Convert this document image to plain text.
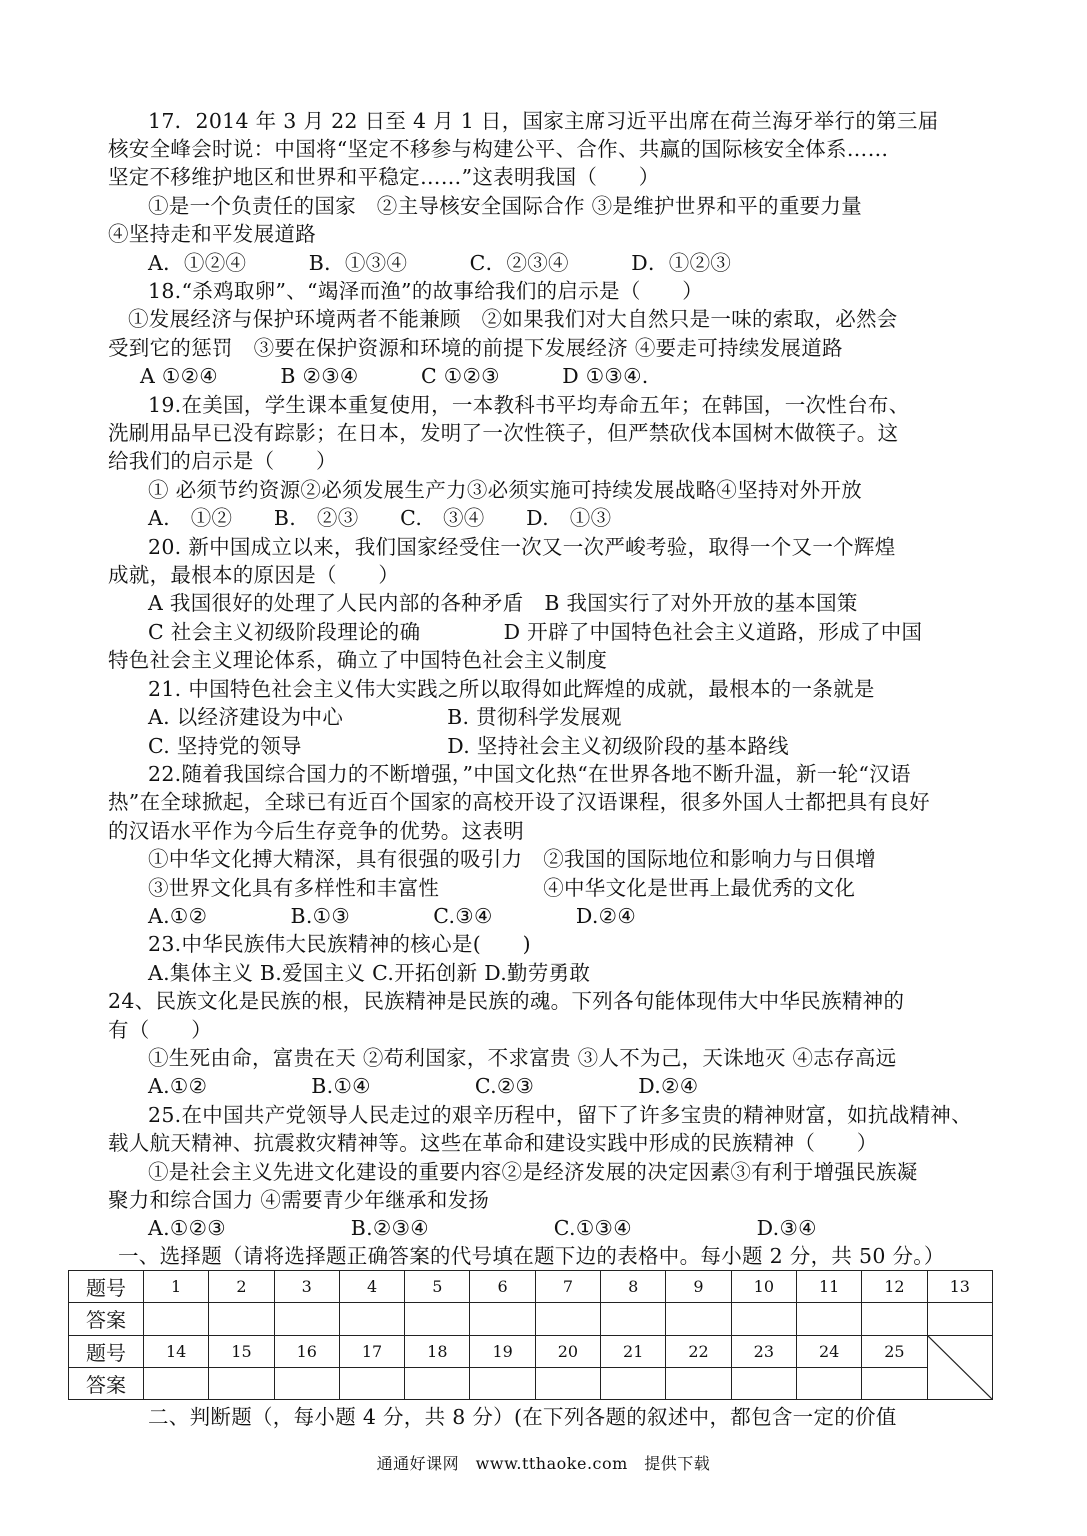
17．2014 年 3 月 22 日至 4 月 1 日，国家主席习近平出席在荷兰海牙举行的第三届
核安全峰会时说：中国将“坚定不移参与构建公平、合作、共赢的国际核安全体系……
坚定不移维护地区和世界和平稳定……”这表明我国（　　）
①是一个负责任的国家　②主导核安全国际合作 ③是维护世界和平的重要力量
④坚持走和平发展道路
A．①②④　　　B．①③④　　　C．②③④　　　D．①②③
18.“杀鸡取卵”、“竭泽而渔”的故事给我们的启示是（　　）
①发展经济与保护环境两者不能兼顾　②如果我们对大自然只是一味的索取，必然会
受到它的惩罚　③要在保护资源和环境的前提下发展经济 ④要走可持续发展道路
A ①②④　　　B ②③④　　　C ①②③　　　D ①③④.
19.在美国，学生课本重复使用，一本教科书平均寿命五年；在韩国，一次性台布、
洗刷用品早已没有踪影；在日本，发明了一次性筷子，但严禁砍伐本国树木做筷子。这
给我们的启示是（　　）
① 必须节约资源②必须发展生产力③必须实施可持续发展战略④坚持对外开放
A.　①②　　B.　②③　　C.　③④　　D.　①③
20. 新中国成立以来，我们国家经受住一次又一次严峻考验，取得一个又一个辉煌
成就，最根本的原因是（　　）
A 我国很好的处理了人民内部的各种矛盾　B 我国实行了对外开放的基本国策
C 社会主义初级阶段理论的确　　　　D 开辟了中国特色社会主义道路，形成了中国
特色社会主义理论体系，确立了中国特色社会主义制度
21. 中国特色社会主义伟大实践之所以取得如此辉煌的成就，最根本的一条就是
A. 以经济建设为中心　　　　　B. 贯彻科学发展观
C. 坚持党的领导　　　　　　　D. 坚持社会主义初级阶段的基本路线
22.随着我国综合国力的不断增强，”中国文化热“在世界各地不断升温，新一轮“汉语
热”在全球掀起，全球已有近百个国家的高校开设了汉语课程，很多外国人士都把具有良好
的汉语水平作为今后生存竞争的优势。这表明
①中华文化搏大精深，具有很强的吸引力　②我国的国际地位和影响力与日俱增
③世界文化具有多样性和丰富性　　　　　④中华文化是世再上最优秀的文化
A.①②　　　　B.①③　　　　C.③④　　　　D.②④
23.中华民族伟大民族精神的核心是(　　)
A.集体主义 B.爱国主义 C.开拓创新 D.勤劳勇敢
24、民族文化是民族的根，民族精神是民族的魂。下列各句能体现伟大中华民族精神的
有（　　）
①生死由命，富贵在天 ②苟利国家，不求富贵 ③人不为己，天诛地灭 ④志存高远
A.①②　　　　　B.①④　　　　　C.②③　　　　　D.②④
25.在中国共产党领导人民走过的艰辛历程中，留下了许多宝贵的精神财富，如抗战精神、
载人航天精神、抗震救灾精神等。这些在革命和建设实践中形成的民族精神（　　）
①是社会主义先进文化建设的重要内容②是经济发展的决定因素③有利于增强民族凝
聚力和综合国力 ④需要青少年继承和发扬
A.①②③　　　　　　B.②③④　　　　　　C.①③④　　　　　　D.③④
一、选择题（请将选择题正确答案的代号填在题下边的表格中。每小题 2 分，共 50 分。）
题号	1	2	3	4	5	6	7	8	9	10	11	12	13
答案													
题号	14	15	16	17	18	19	20	21	22	23	24	25	

答案													
二、判断题（，每小题 4 分，共 8 分）(在下列各题的叙述中，都包含一定的价值
通通好课网　www.tthaoke.com　提供下载
